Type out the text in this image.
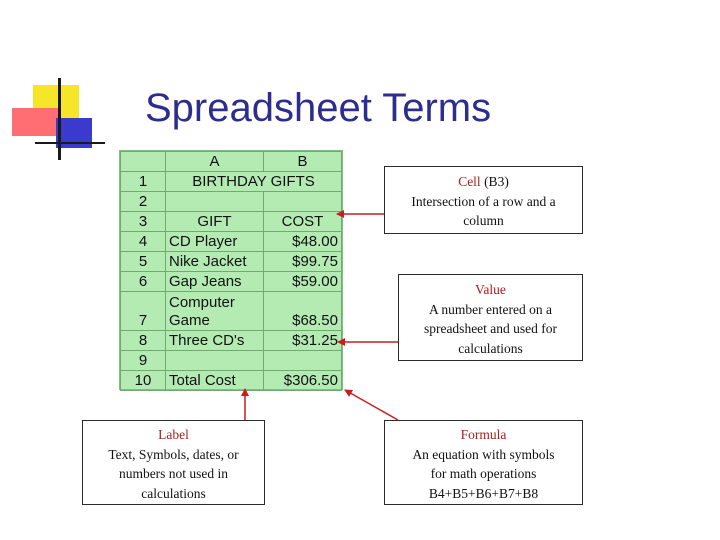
Spreadsheet Terms
	A	B
1	BIRTHDAY GIFTS	
2		
3	GIFT	COST
4	CD Player	$48.00
5	Nike Jacket	$99.75
6	Gap Jeans	$59.00

7	Computer
Game	$68.50
8	Three CD's	$31.25
9		
10	Total Cost	$306.50
Cell (B3)
Intersection of a row and a
column
Value
A number entered on a
spreadsheet and used for
calculations
Label
Text, Symbols, dates, or
numbers not used in
calculations
Formula
An equation with symbols
for math operations
B4+B5+B6+B7+B8
